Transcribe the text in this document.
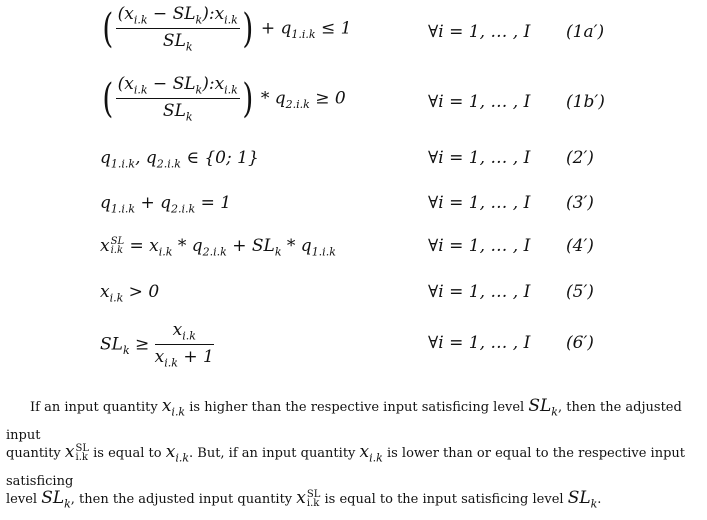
( $\frac{(x_{i.k} - SL_k):x_{i.k}}{SL_k}$ ) + $q_{1.i.k} \le 1$	∀i = 1, … , I (1a′)
( $\frac{(x_{i.k} - SL_k):x_{i.k}}{SL_k}$ ) * $q_{2.i.k} \ge 0$	∀i = 1, … , I (1b′)
$q_{1.i.k}$, $q_{2.i.k}$ ∈ {0; 1}	∀i = 1, … , I (2′)
$q_{1.i.k} + q_{2.i.k} = 1$	∀i = 1, … , I (3′)
x SL
$i.k = x_{i.k} * q_{2.i.k} + SL_k * q_{1.i.k}$	∀i = 1, … , I (4′)
$x_{i.k} > 0$	∀i = 1, … , I (5′)
$SL_k \ge \frac{x_{i.k}}{x_{i.k} + 1}$	∀i = 1, … , I (6′)
If an input quantity $x_{i.k}$ is higher than the respective input satisficing level $SL_k$, then the adjusted input
quantity x SL
i.k is equal to $x_{i.k}$. But, if an input quantity $x_{i.k}$ is lower than or equal to the respective input satisficing
level $SL_k$, then the adjusted input quantity x SL
i.k is equal to the input satisficing level $SL_k$.
